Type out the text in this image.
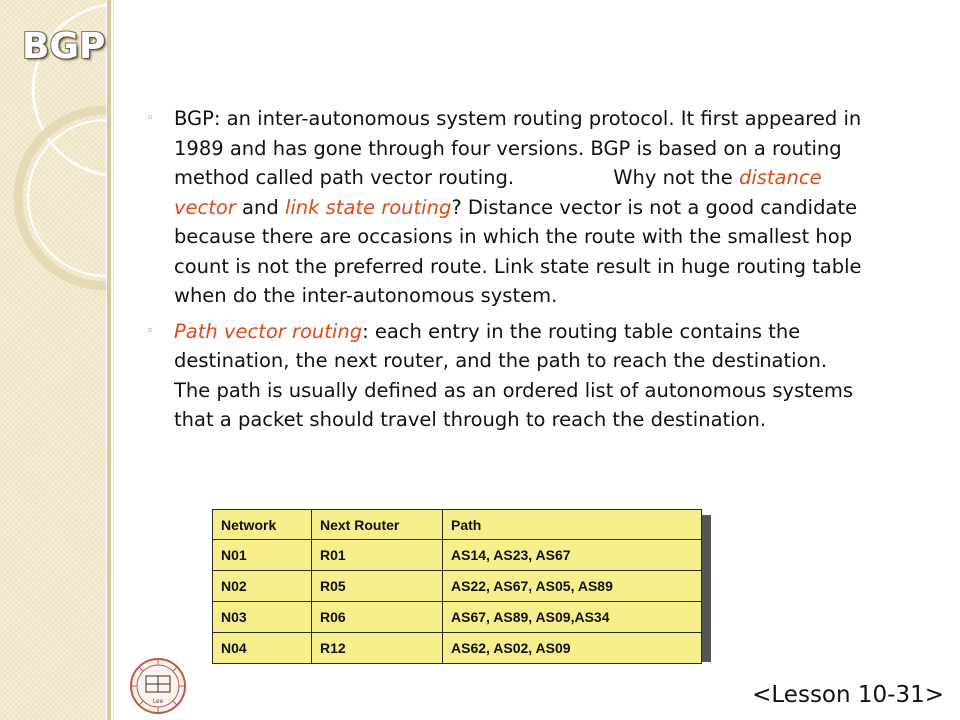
BGP
◦ BGP: an inter-autonomous system routing protocol. It first appeared in 1989 and has gone through four versions. BGP is based on a routing method called path vector routing.                Why not the distance vector and link state routing? Distance vector is not a good candidate because there are occasions in which the route with the smallest hop count is not the preferred route. Link state result in huge routing table when do the inter-autonomous system.
◦ Path vector routing: each entry in the routing table contains the destination, the next router, and the path to reach the destination. The path is usually defined as an ordered list of autonomous systems that a packet should travel through to reach the destination.
Network	Next Router	Path
N01	R01	AS14, AS23, AS67
N02	R05	AS22, AS67, AS05, AS89
N03	R06	AS67, AS89, AS09,AS34
N04	R12	AS62, AS02, AS09
Lee	<Lesson 10-31>
